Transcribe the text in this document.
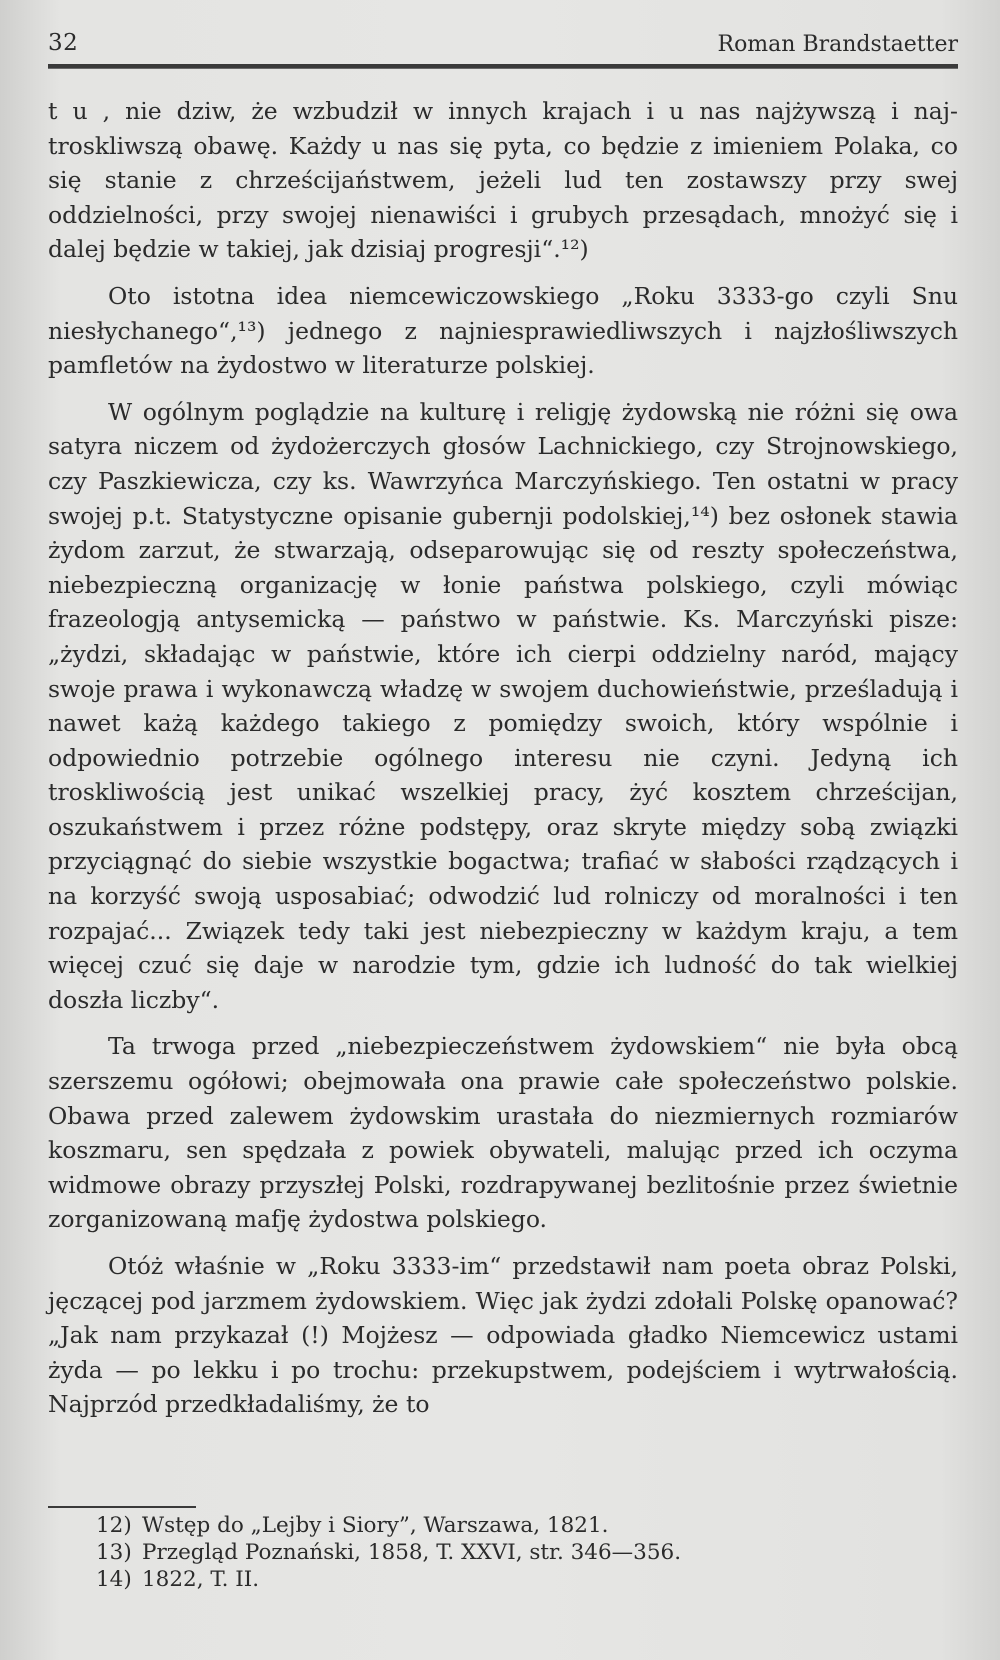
32	Roman Brandstaetter

t u , nie dziw, że wzbudził w innych krajach i u nas najżywszą i najtroskliwszą obawę. Każdy u nas się pyta, co będzie z imieniem Polaka, co się stanie z chrześcijaństwem, jeżeli lud ten zostawszy przy swej oddzielności, przy swojej nienawiści i grubych przesądach, mnożyć się i dalej będzie w takiej, jak dzisiaj progresji“.¹²)

Oto istotna idea niemcewiczowskiego „Roku 3333-go czyli Snu niesłychanego“,¹³) jednego z najniesprawiedliwszych i najzłośliwszych pamfletów na żydostwo w literaturze polskiej.

W ogólnym poglądzie na kulturę i religję żydowską nie różni się owa satyra niczem od żydożerczych głosów Lachnickiego, czy Strojnowskiego, czy Paszkiewicza, czy ks. Wawrzyńca Marczyńskiego. Ten ostatni w pracy swojej p.t. Statystyczne opisanie gubernji podolskiej,¹⁴) bez osłonek stawia żydom zarzut, że stwarzają, odseparowując się od reszty społeczeństwa, niebezpieczną organizację w łonie państwa polskiego, czyli mówiąc frazeologją antysemicką — państwo w państwie. Ks. Marczyński pisze: „żydzi, składając w państwie, które ich cierpi oddzielny naród, mający swoje prawa i wykonawczą władzę w swojem duchowieństwie, prześladują i nawet każą każdego takiego z pomiędzy swoich, który wspólnie i odpowiednio potrzebie ogólnego interesu nie czyni. Jedyną ich troskliwością jest unikać wszelkiej pracy, żyć kosztem chrześcijan, oszukaństwem i przez różne podstępy, oraz skryte między sobą związki przyciągnąć do siebie wszystkie bogactwa; trafiać w słabości rządzących i na korzyść swoją usposabiać; odwodzić lud rolniczy od moralności i ten rozpajać... Związek tedy taki jest niebezpieczny w każdym kraju, a tem więcej czuć się daje w narodzie tym, gdzie ich ludność do tak wielkiej doszła liczby“.

Ta trwoga przed „niebezpieczeństwem żydowskiem“ nie była obcą szerszemu ogółowi; obejmowała ona prawie całe społeczeństwo polskie. Obawa przed zalewem żydowskim urastała do niezmiernych rozmiarów koszmaru, sen spędzała z powiek obywateli, malując przed ich oczyma widmowe obrazy przyszłej Polski, rozdrapywanej bezlitośnie przez świetnie zorganizowaną mafję żydostwa polskiego.

Otóż właśnie w „Roku 3333-im“ przedstawił nam poeta obraz Polski, jęczącej pod jarzmem żydowskiem. Więc jak żydzi zdołali Polskę opanować? „Jak nam przykazał (!) Mojżesz — odpowiada gładko Niemcewicz ustami żyda — po lekku i po trochu: przekupstwem, podejściem i wytrwałością. Najprzód przedkładaliśmy, że to

12) Wstęp do „Lejby i Siory”, Warszawa, 1821.
13) Przegląd Poznański, 1858, T. XXVI, str. 346—356.
14) 1822, T. II.
